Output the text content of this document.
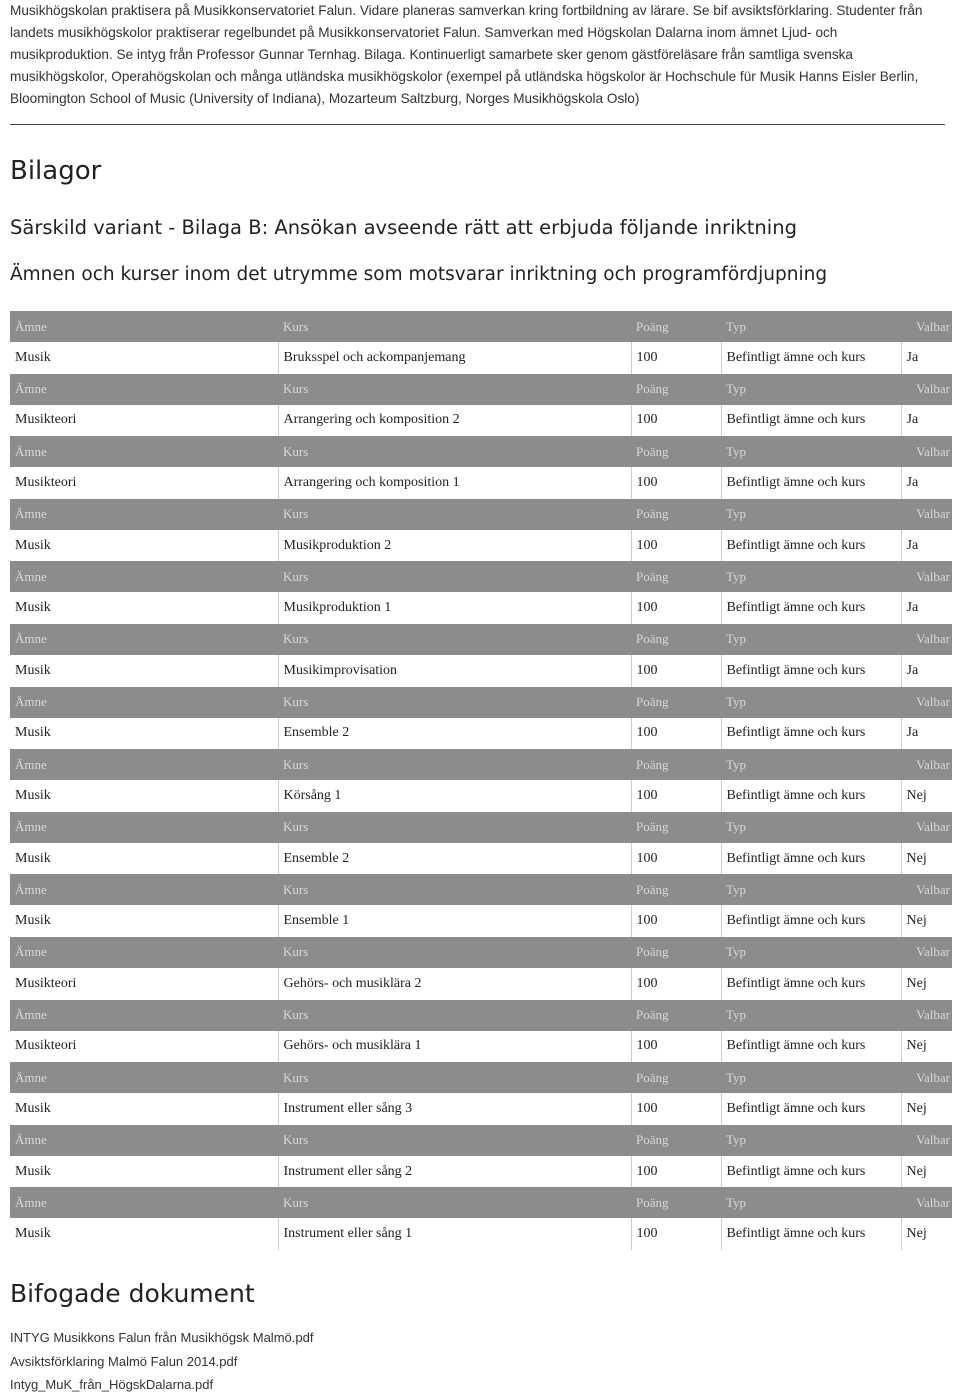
Musikhögskolan praktisera på Musikkonservatoriet Falun. Vidare planeras samverkan kring fortbildning av lärare. Se bif avsiktsförklaring. Studenter från
landets musikhögskolor praktiserar regelbundet på Musikkonservatoriet Falun. Samverkan med Högskolan Dalarna inom ämnet Ljud- och
musikproduktion. Se intyg från Professor Gunnar Ternhag. Bilaga. Kontinuerligt samarbete sker genom gästföreläsare från samtliga svenska
musikhögskolor, Operahögskolan och många utländska musikhögskolor (exempel på utländska högskolor är Hochschule für Musik Hanns Eisler Berlin,
Bloomington School of Music (University of Indiana), Mozarteum Saltzburg, Norges Musikhögskola Oslo)
Bilagor
Särskild variant - Bilaga B: Ansökan avseende rätt att erbjuda följande inriktning
Ämnen och kurser inom det utrymme som motsvarar inriktning och programfördjupning
Ämne	Kurs	Poäng	Typ	Valbar
Musik	Bruksspel och ackompanjemang	100	Befintligt ämne och kurs	Ja
Ämne	Kurs	Poäng	Typ	Valbar
Musikteori	Arrangering och komposition 2	100	Befintligt ämne och kurs	Ja
Ämne	Kurs	Poäng	Typ	Valbar
Musikteori	Arrangering och komposition 1	100	Befintligt ämne och kurs	Ja
Ämne	Kurs	Poäng	Typ	Valbar
Musik	Musikproduktion 2	100	Befintligt ämne och kurs	Ja
Ämne	Kurs	Poäng	Typ	Valbar
Musik	Musikproduktion 1	100	Befintligt ämne och kurs	Ja
Ämne	Kurs	Poäng	Typ	Valbar
Musik	Musikimprovisation	100	Befintligt ämne och kurs	Ja
Ämne	Kurs	Poäng	Typ	Valbar
Musik	Ensemble 2	100	Befintligt ämne och kurs	Ja
Ämne	Kurs	Poäng	Typ	Valbar
Musik	Körsång 1	100	Befintligt ämne och kurs	Nej
Ämne	Kurs	Poäng	Typ	Valbar
Musik	Ensemble 2	100	Befintligt ämne och kurs	Nej
Ämne	Kurs	Poäng	Typ	Valbar
Musik	Ensemble 1	100	Befintligt ämne och kurs	Nej
Ämne	Kurs	Poäng	Typ	Valbar
Musikteori	Gehörs- och musiklära 2	100	Befintligt ämne och kurs	Nej
Ämne	Kurs	Poäng	Typ	Valbar
Musikteori	Gehörs- och musiklära 1	100	Befintligt ämne och kurs	Nej
Ämne	Kurs	Poäng	Typ	Valbar
Musik	Instrument eller sång 3	100	Befintligt ämne och kurs	Nej
Ämne	Kurs	Poäng	Typ	Valbar
Musik	Instrument eller sång 2	100	Befintligt ämne och kurs	Nej
Ämne	Kurs	Poäng	Typ	Valbar
Musik	Instrument eller sång 1	100	Befintligt ämne och kurs	Nej
Bifogade dokument
INTYG Musikkons Falun från Musikhögsk Malmö.pdf
Avsiktsförklaring Malmö Falun 2014.pdf
Intyg_MuK_från_HögskDalarna.pdf
